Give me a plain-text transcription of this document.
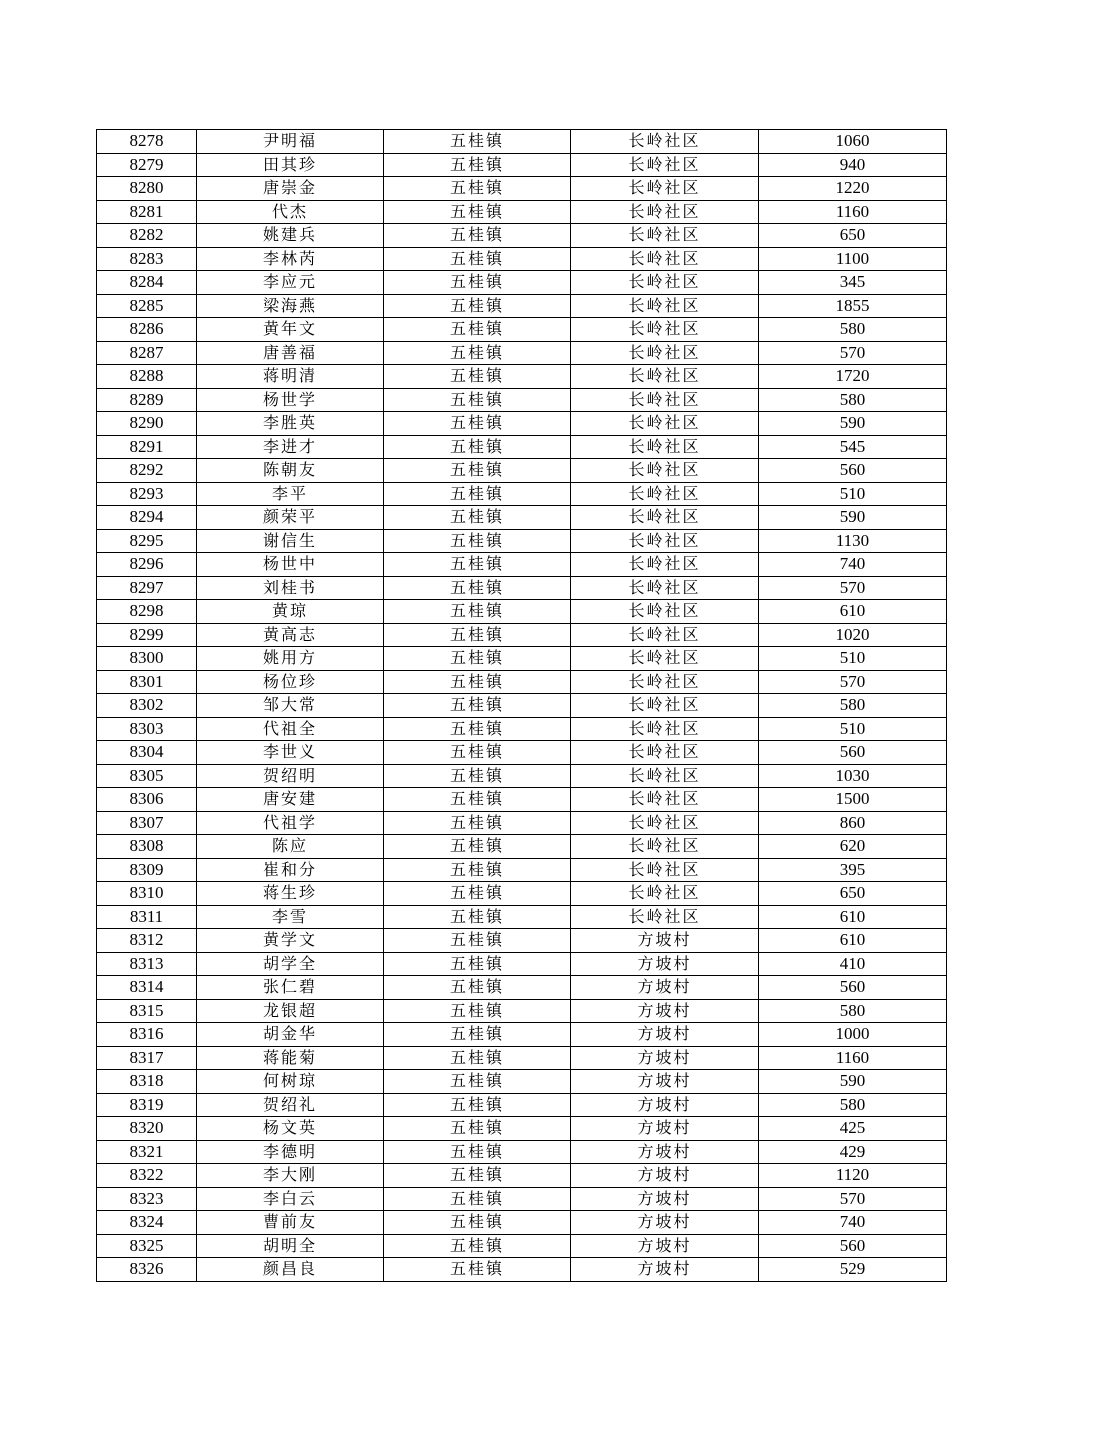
8278	尹明福	五桂镇	长岭社区	1060
8279	田其珍	五桂镇	长岭社区	940
8280	唐崇金	五桂镇	长岭社区	1220
8281	代杰	五桂镇	长岭社区	1160
8282	姚建兵	五桂镇	长岭社区	650
8283	李林芮	五桂镇	长岭社区	1100
8284	李应元	五桂镇	长岭社区	345
8285	梁海燕	五桂镇	长岭社区	1855
8286	黄年文	五桂镇	长岭社区	580
8287	唐善福	五桂镇	长岭社区	570
8288	蒋明清	五桂镇	长岭社区	1720
8289	杨世学	五桂镇	长岭社区	580
8290	李胜英	五桂镇	长岭社区	590
8291	李进才	五桂镇	长岭社区	545
8292	陈朝友	五桂镇	长岭社区	560
8293	李平	五桂镇	长岭社区	510
8294	颜荣平	五桂镇	长岭社区	590
8295	谢信生	五桂镇	长岭社区	1130
8296	杨世中	五桂镇	长岭社区	740
8297	刘桂书	五桂镇	长岭社区	570
8298	黄琼	五桂镇	长岭社区	610
8299	黄高志	五桂镇	长岭社区	1020
8300	姚用方	五桂镇	长岭社区	510
8301	杨位珍	五桂镇	长岭社区	570
8302	邹大常	五桂镇	长岭社区	580
8303	代祖全	五桂镇	长岭社区	510
8304	李世义	五桂镇	长岭社区	560
8305	贺绍明	五桂镇	长岭社区	1030
8306	唐安建	五桂镇	长岭社区	1500
8307	代祖学	五桂镇	长岭社区	860
8308	陈应	五桂镇	长岭社区	620
8309	崔和分	五桂镇	长岭社区	395
8310	蒋生珍	五桂镇	长岭社区	650
8311	李雪	五桂镇	长岭社区	610
8312	黄学文	五桂镇	方坡村	610
8313	胡学全	五桂镇	方坡村	410
8314	张仁碧	五桂镇	方坡村	560
8315	龙银超	五桂镇	方坡村	580
8316	胡金华	五桂镇	方坡村	1000
8317	蒋能菊	五桂镇	方坡村	1160
8318	何树琼	五桂镇	方坡村	590
8319	贺绍礼	五桂镇	方坡村	580
8320	杨文英	五桂镇	方坡村	425
8321	李德明	五桂镇	方坡村	429
8322	李大刚	五桂镇	方坡村	1120
8323	李白云	五桂镇	方坡村	570
8324	曹前友	五桂镇	方坡村	740
8325	胡明全	五桂镇	方坡村	560
8326	颜昌良	五桂镇	方坡村	529
